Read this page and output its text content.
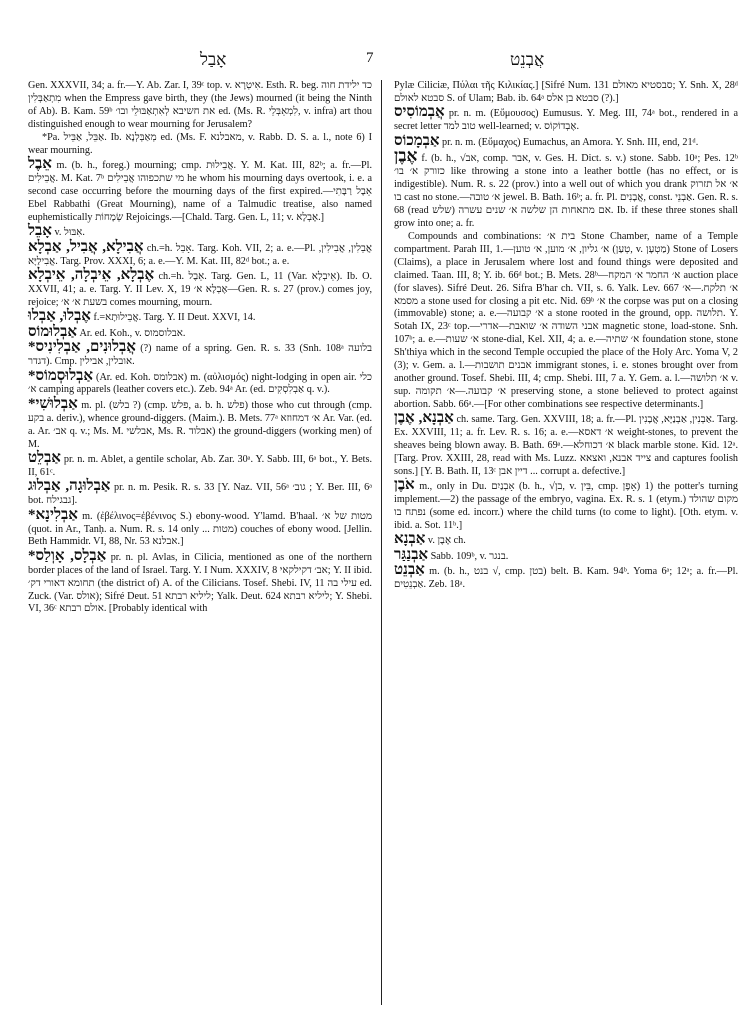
אָבַל	7	אֲבְנֵט

Gen. XXXVII, 34; a. fr.—Y. Ab. Zar. I, 39ᶜ top. v. אִיטְרָא. Esth. R. beg. כד ילידת חוה מִתְאַבְּלִין when the Empress gave birth, they (the Jews) mourned (it being the Ninth of Ab). B. Kam. 59ᵇ את חשיבא לְאִתְאַבּוּלֵי ובו׳ ed. (Ms. R. לִמְאֵבְּלֵי, v. infra) art thou distinguished enough to wear mourning for Jerusalem?

*Pa. אַבֵּל, אַבֵּיל. Ib. מְאַבְּלְנָא ed. (Ms. F. מאבלנא, v. Rabb. D. S. a. l., note 6) I wear mourning.

אֵבֶל m. (b. h., foreg.) mourning; cmp. אֲבֵילוּת. Y. M. Kat. III, 82ᵇ; a. fr.—Pl. אֲבֵילִים. M. Kat. 7ᵇ מי שתכפוהו אֲבֵילִים he whom his mourning days overtook, i. e. a second case occurring before the mourning days of the first expired.—אֵבֶל רַבָּתִי Ebel Rabbathi (Great Mourning), name of a Talmudic treatise, also named euphemistically שְׂמָחוֹת Rejoicings.—[Chald. Targ. Gen. L, 11; v. אֶבְלָא.]

אָבֵל v. אִבּוּל.

אֲבִילָא, אֲבִיל, אַבְלָא ch.=h. אָבֵל. Targ. Koh. VII, 2; a. e.—Pl. אֲבֵלִין, אֲבִילִין, אֲבִילַיָּא. Targ. Prov. XXXI, 6; a. e.—Y. M. Kat. III, 82ᵈ bot.; a. e.

אֶבְלָא, אֵיבְלָה, אֵיבְלָא ch.=h. אֵבֶל. Targ. Gen. L, 11 (Var. אֵיבְלָא). Ib. O. XXVII, 41; a. e. Targ. Y. II Lev. X, 19 אֶבְלָא א׳—Gen. R. s. 27 (prov.) comes joy, rejoice; בשעת א׳ א׳ comes mourning, mourn.

אֶבְלוּ, אַבְלוּ f.=אֲבֵילוּתָא. Targ. Y. II Deut. XXVI, 14.

אַבְלוּמוֹס Ar. ed. Koh., v. אבלוסמוס.

*אֲבְלוּנִים, אַבְלִינִיס (?) name of a spring. Gen. R. s. 33 (Snh. 108ᵃ בלועה דגדר). Cmp. אובלין, אבילין.

*אַבְלוּסְמוֹס (Ar. ed. Koh. אבלומס) m. (αὐλισμός) night-lodging in open air. כלי א׳ camping apparels (leather covers etc.). Zeb. 94ᵃ Ar. (ed. אַבְלִסְקִים q. v.).

*אַבְלוּשִׁי m. pl. (בלש ?) (cmp. פלש, a. b. h. פלש) those who cut through (cmp. בקע a. deriv.), whence ground-diggers. (Maim.). B. Mets. 77ᵃ א׳ דמחוזא Ar. Var. (ed. a. Ar. אב׳ q. v.; Ms. M. אבלשי, Ms. R. אבלוד) the ground-diggers (working men) of M.

אַבְלֵט pr. n. m. Ablet, a gentile scholar, Ab. Zar. 30ᵃ. Y. Sabb. III, 6ᵃ bot., Y. Bets. II, 61ᶜ.

אַבְלוּגָה, אַבְלוּג pr. n. m. Pesik. R. s. 33 [Y. Naz. VII, 56ᵃ גוב׳ ; Y. Ber. III, 6ᵃ bot. גבגילח].

*אַבְלִינָא m. (ἐβέλινος=ἐβένινος S.) ebony-wood. Y'lamd. B'haal. מטות של א׳ (quot. in Ar., Tanḥ. a. Num. R. s. 14 only ... מטות) couches of ebony wood. [Jellin. Beth Hammidr. VI, 88, Nr. 53 אבלנא.]

*אַבְלָס, אָוְלַס pr. n. pl. Avlas, in Cilicia, mentioned as one of the northern border places of the land of Israel. Targ. Y. I Num. XXXIV, 8 אב׳ דקילקאי; Y. II ibid. תחומא דאורי דק׳ (the district of) A. of the Cilicians. Tosef. Shebi. IV, 11 עילי בה ed. Zuck. (Var. אולס); Sifré Deut. 51 ליליא רבתא; Yalk. Deut. 624 ליליא רבתא; Y. Shebi. VI, 36ᶜ אולם רבתא. [Probably identical with

Pylæ Ciliciæ, Πύλαι τῆς Κιλικίας.] [Sifré Num. 131 סבסטיא מאולם; Y. Snh. X, 28ᵈ סבטא לאולם S. of Ulam; Bab. ib. 64ᵃ סבטא בן אלס (?).]

אֲבְמוֹסִיס pr. n. m. (Εὔμουσος) Eumusus. Y. Meg. III, 74ᵃ bot., rendered in a secret letter טוב למד well-learned; v. אֶבְדוֹקוֹס.

אַבְמָכוֹס pr. n. m. (Εὔμαχος) Eumachus, an Amora. Y. Snh. III, end, 21ᵈ.

אֶבֶן f. (b. h., √אב, comp. אבר, v. Ges. H. Dict. s. v.) stone. Sabb. 10ᵃ; Pes. 12ᵇ כזורק א׳ בו׳ like throwing a stone into a leather bottle (has no effect, or is indigestible). Num. R. s. 22 (prov.) into a well out of which you drank א׳ אל תזרוק בו cast no stone.—א׳ טובה jewel. B. Bath. 16ᵇ; a. fr. Pl. אֲבָנִים, const. אַבְנֵי. Gen. R. s. 68 (read שלש) אם מתאחות הן שלשה א׳ שנים עשרה. Ib. if these three stones shall grow into one; a. fr.

Compounds and combinations: בית א׳ Stone Chamber, name of a Temple compartment. Parah III, 1.—א׳ גליון, א׳ מוען, א׳ טוען (טְעַן, v. מַטְעָן) Stone of Losers (Claims), a place in Jerusalem where lost and found things were deposited and claimed. Taan. III, 8; Y. ib. 66ᵈ bot.; B. Mets. 28ᵇ—א׳ החמר א׳ המקח auction place (for slaves). Sifré Deut. 26. Sifra B'har ch. VII, s. 6. Yalk. Lev. 667 א׳ תלקח.—א׳ מסמא a stone used for closing a pit etc. Nid. 69ᵇ א׳ the corpse was put on a closing (immovable) stone; a. e.—א׳ קבועה a stone rooted in the ground, opp. תלושה. Y. Sotah IX, 23ᶜ top.—אבני השודה א׳ שואבת—אדרי magnetic stone, load-stone. Snh. 107ᵇ; a. e.—א׳ שעות stone-dial, Kel. XII, 4; a. e.—א׳ שתיה foundation stone, stone Sh'thiya which in the second Temple occupied the place of the Holy Arc. Yoma V, 2 (3); v. Gem. a. l.—אבנים תושבות immigrant stones, i. e. stones brought over from another ground. Tosef. Shebi. III, 4; cmp. Shebi. III, 7 a. Y. Gem. a. l.—א׳ תלושה v. sup. א׳ קבועה.—א׳ תקומה preserving stone, a stone believed to protect against abortion. Sabb. 66ᵃ.—[For other combinations see respective determinants.]

אַבְנָא, אֶבֶן ch. same. Targ. Gen. XXVIII, 18; a. fr.—Pl. אַבְנִין, אַבְנַיָּא, אֲבָנִין. Targ. Ex. XXVIII, 11; a. fr. Lev. R. s. 16; a. e.—א׳ דאסא weight-stones, to prevent the sheaves being blown away. B. Bath. 69ᵃ.—א׳ דכוחלא black marble stone. Kid. 12ᵃ. [Targ. Prov. XXIII, 28, read with Ms. Luzz. צייד אבנא, ואצאא and captures foolish sons.] [Y. B. Bath. II, 13ᶜ דיין אבן ... corrupt a. defective.]

אֹבֶן m., only in Du. אָבְנַיִם (b. h., √בן, v. בֵּין, cmp. אָפֶן) 1) the potter's turning implement.—2) the passage of the embryo, vagina. Ex. R. s. 1 (etym.) מקום שהולד נפתח בו (some ed. incorr.) where the child turns (to come to light). [Oth. etym. v. ibid. a. Sot. 11ᵇ.]

אַבְנָא v. אֶבֶן ch.

אַבְנַגַּר Sabb. 109ᵇ, v. בנגר.

אַבְנֵט m. (b. h., בנט √, cmp. בטן) belt. B. Kam. 94ᵇ. Yoma 6ᵃ; 12ᵃ; a. fr.—Pl. אַבְנֵטִים. Zeb. 18ᵃ.
